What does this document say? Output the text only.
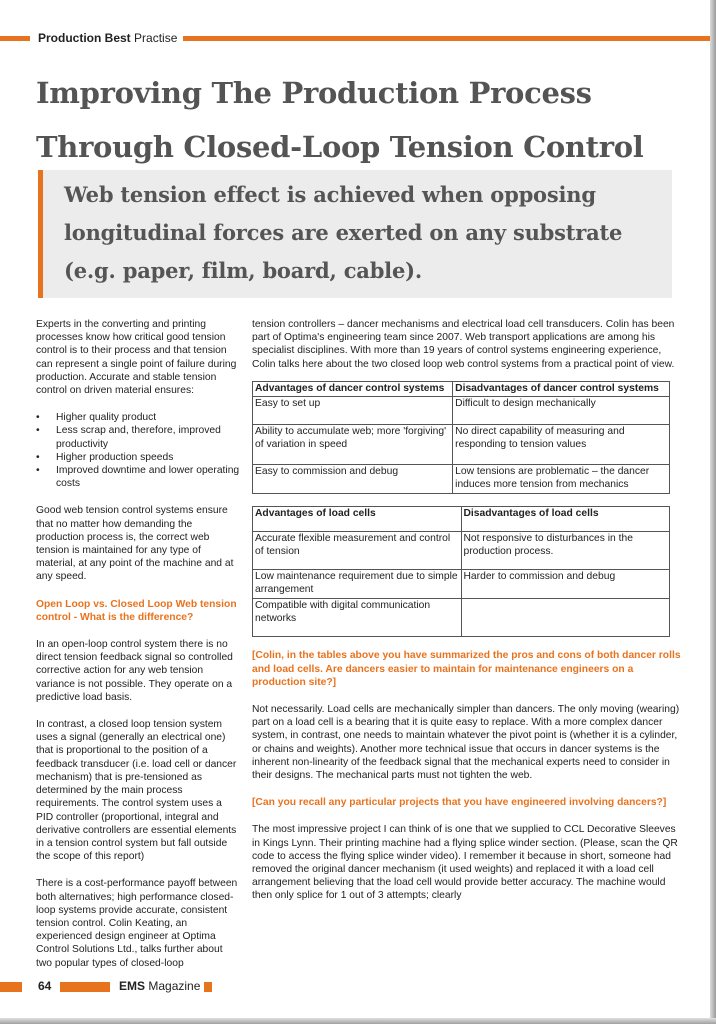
Production Best Practise
Improving The Production Process Through Closed-Loop Tension Control
Web tension effect is achieved when opposing longitudinal forces are exerted on any substrate (e.g. paper, film, board, cable).

Experts in the converting and printing processes know how critical good tension control is to their process and that tension can represent a single point of failure during production. Accurate and stable tension control on driven material ensures:

• Higher quality product
• Less scrap and, therefore, improved productivity
• Higher production speeds
• Improved downtime and lower operating costs

Good web tension control systems ensure that no matter how demanding the production process is, the correct web tension is maintained for any type of material, at any point of the machine and at any speed.

Open Loop vs. Closed Loop Web tension control - What is the difference?

In an open-loop control system there is no direct tension feedback signal so controlled corrective action for any web tension variance is not possible. They operate on a predictive load basis.

In contrast, a closed loop tension system uses a signal (generally an electrical one) that is proportional to the position of a feedback transducer (i.e. load cell or dancer mechanism) that is pre-tensioned as determined by the main process requirements. The control system uses a PID controller (proportional, integral and derivative controllers are essential elements in a tension control system but fall outside the scope of this report)

There is a cost-performance payoff between both alternatives; high performance closed-loop systems provide accurate, consistent tension control. Colin Keating, an experienced design engineer at Optima Control Solutions Ltd., talks further about two popular types of closed-loop

tension controllers – dancer mechanisms and electrical load cell transducers. Colin has been part of Optima's engineering team since 2007. Web transport applications are among his specialist disciplines. With more than 19 years of control systems engineering experience, Colin talks here about the two closed loop web control systems from a practical point of view.

Advantages of dancer control systems	Disadvantages of dancer control systems
Easy to set up	Difficult to design mechanically
Ability to accumulate web; more 'forgiving' of variation in speed	No direct capability of measuring and responding to tension values
Easy to commission and debug	Low tensions are problematic – the dancer induces more tension from mechanics
Advantages of load cells	Disadvantages of load cells
Accurate flexible measurement and control of tension	Not responsive to disturbances in the production process.
Low maintenance requirement due to simple arrangement	Harder to commission and debug
Compatible with digital communication networks	

[Colin, in the tables above you have summarized the pros and cons of both dancer rolls and load cells. Are dancers easier to maintain for maintenance engineers on a production site?]

Not necessarily. Load cells are mechanically simpler than dancers. The only moving (wearing) part on a load cell is a bearing that it is quite easy to replace. With a more complex dancer system, in contrast, one needs to maintain whatever the pivot point is (whether it is a cylinder, or chains and weights). Another more technical issue that occurs in dancer systems is the inherent non-linearity of the feedback signal that the mechanical experts need to consider in their designs. The mechanical parts must not tighten the web.

[Can you recall any particular projects that you have engineered involving dancers?]

The most impressive project I can think of is one that we supplied to CCL Decorative Sleeves in Kings Lynn. Their printing machine had a flying splice winder section. (Please, scan the QR code to access the flying splice winder video). I remember it because in short, someone had removed the original dancer mechanism (it used weights) and replaced it with a load cell arrangement believing that the load cell would provide better accuracy. The machine would then only splice for 1 out of 3 attempts; clearly

64	EMS Magazine
